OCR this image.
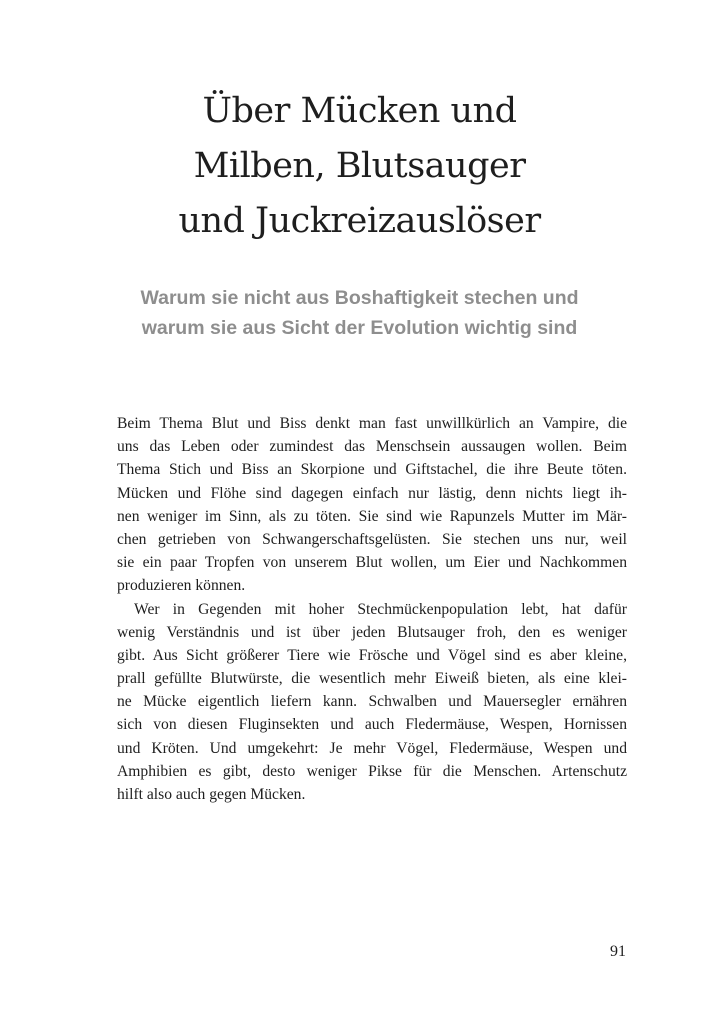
Über Mücken und
Milben, Blutsauger
und Juckreizauslöser
Warum sie nicht aus Boshaftigkeit stechen und
warum sie aus Sicht der Evolution wichtig sind
Beim Thema Blut und Biss denkt man fast unwillkürlich an Vampire, die
uns das Leben oder zumindest das Menschsein aussaugen wollen. Beim
Thema Stich und Biss an Skorpione und Giftstachel, die ihre Beute töten.
Mücken und Flöhe sind dagegen einfach nur lästig, denn nichts liegt ih-
nen weniger im Sinn, als zu töten. Sie sind wie Rapunzels Mutter im Mär-
chen getrieben von Schwangerschaftsgelüsten. Sie stechen uns nur, weil
sie ein paar Tropfen von unserem Blut wollen, um Eier und Nachkommen
produzieren können.
Wer in Gegenden mit hoher Stechmückenpopulation lebt, hat dafür
wenig Verständnis und ist über jeden Blutsauger froh, den es weniger
gibt. Aus Sicht größerer Tiere wie Frösche und Vögel sind es aber kleine,
prall gefüllte Blutwürste, die wesentlich mehr Eiweiß bieten, als eine klei-
ne Mücke eigentlich liefern kann. Schwalben und Mauersegler ernähren
sich von diesen Fluginsekten und auch Fledermäuse, Wespen, Hornissen
und Kröten. Und umgekehrt: Je mehr Vögel, Fledermäuse, Wespen und
Amphibien es gibt, desto weniger Pikse für die Menschen. Artenschutz
hilft also auch gegen Mücken.
91
